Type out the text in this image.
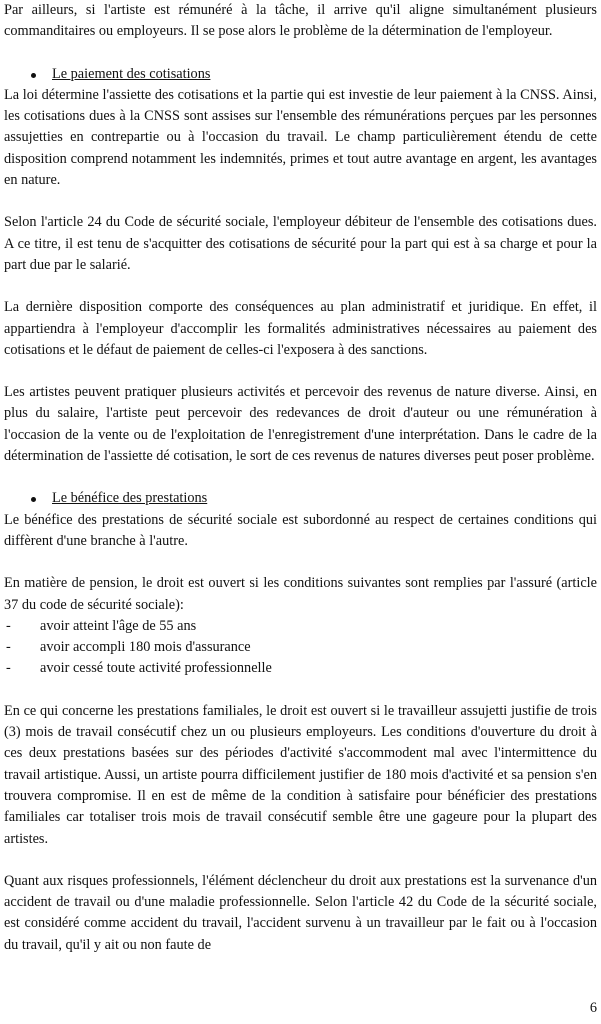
Par ailleurs, si l'artiste est rémunéré à la tâche, il arrive qu'il aligne simultanément plusieurs commanditaires ou employeurs. Il se pose alors le problème de la détermination de l'employeur.

Le paiement des cotisations

La loi détermine l'assiette des cotisations et la partie qui est investie de leur paiement à la CNSS. Ainsi, les cotisations dues à la CNSS sont assises sur l'ensemble des rémunérations perçues par les personnes assujetties en contrepartie ou à l'occasion du travail. Le champ particulièrement étendu de cette disposition comprend notamment les indemnités, primes et tout autre avantage en argent, les avantages en nature.

Selon l'article 24 du Code de sécurité sociale, l'employeur débiteur de l'ensemble des cotisations dues. A ce titre, il est tenu de s'acquitter des cotisations de sécurité pour la part qui est à sa charge et pour la part due par le salarié.

La dernière disposition comporte des conséquences au plan administratif et juridique. En effet, il appartiendra à l'employeur d'accomplir les formalités administratives nécessaires au paiement des cotisations et le défaut de paiement de celles-ci l'exposera à des sanctions.

Les artistes peuvent pratiquer plusieurs activités et percevoir des revenus de nature diverse. Ainsi, en plus du salaire, l'artiste peut percevoir des redevances de droit d'auteur ou une rémunération à l'occasion de la vente ou de l'exploitation de l'enregistrement d'une interprétation. Dans le cadre de la détermination de l'assiette dé cotisation, le sort de ces revenus de natures diverses peut poser problème.

Le bénéfice des prestations

Le bénéfice des prestations de sécurité sociale est subordonné au respect de certaines conditions qui diffèrent d'une branche à l'autre.

En matière de pension, le droit est ouvert si les conditions suivantes sont remplies par l'assuré (article 37 du code de sécurité sociale):

- avoir atteint l'âge de 55 ans
- avoir accompli 180 mois d'assurance
- avoir cessé toute activité professionnelle

En ce qui concerne les prestations familiales, le droit est ouvert si le travailleur assujetti justifie de trois (3) mois de travail consécutif chez un ou plusieurs employeurs. Les conditions d'ouverture du droit à ces deux prestations basées sur des périodes d'activité s'accommodent mal avec l'intermittence du travail artistique. Aussi, un artiste pourra difficilement justifier de 180 mois d'activité et sa pension s'en trouvera compromise. Il en est de même de la condition à satisfaire pour bénéficier des prestations familiales car totaliser trois mois de travail consécutif semble être une gageure pour la plupart des artistes.

Quant aux risques professionnels, l'élément déclencheur du droit aux prestations est la survenance d'un accident de travail ou d'une maladie professionnelle. Selon l'article 42 du Code de la sécurité sociale, est considéré comme accident du travail, l'accident survenu à un travailleur par le fait ou à l'occasion du travail, qu'il y ait ou non faute de

6
